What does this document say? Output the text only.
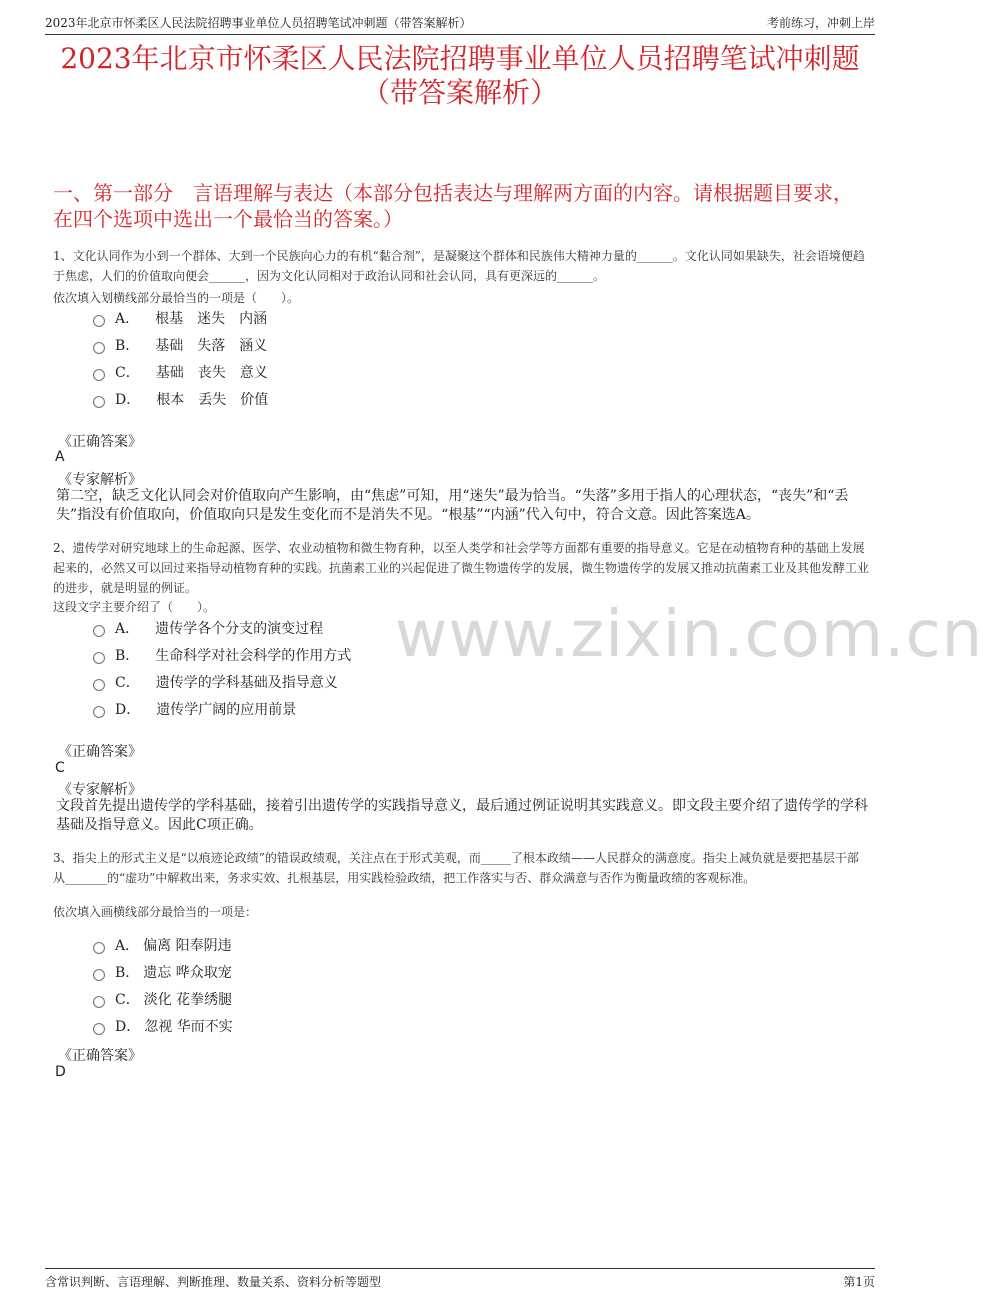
2023年北京市怀柔区人民法院招聘事业单位人员招聘笔试冲刺题（带答案解析）	考前练习，冲刺上岸
2023年北京市怀柔区人民法院招聘事业单位人员招聘笔试冲刺题（带答案解析）
一、第一部分　言语理解与表达（本部分包括表达与理解两方面的内容。请根据题目要求，在四个选项中选出一个最恰当的答案。）
1、文化认同作为小到一个群体、大到一个民族向心力的有机“黏合剂”，是凝聚这个群体和民族伟大精神力量的______。文化认同如果缺失，社会语境便趋于焦虑，人们的价值取向便会______，因为文化认同相对于政治认同和社会认同，具有更深远的______。
依次填入划横线部分最恰当的一项是（　　）。
A． 根基　迷失　内涵
B． 基础　失落　涵义
C． 基础　丧失　意义
D． 根本　丢失　价值
《正确答案》
A
《专家解析》
第二空，缺乏文化认同会对价值取向产生影响，由“焦虑”可知，用“迷失”最为恰当。“失落”多用于指人的心理状态，“丧失”和“丢失”指没有价值取向，价值取向只是发生变化而不是消失不见。“根基”“内涵”代入句中，符合文意。因此答案选A。
2、遗传学对研究地球上的生命起源、医学、农业动植物和微生物育种，以至人类学和社会学等方面都有重要的指导意义。它是在动植物育种的基础上发展起来的，必然又可以回过来指导动植物育种的实践。抗菌素工业的兴起促进了微生物遗传学的发展，微生物遗传学的发展又推动抗菌素工业及其他发酵工业的进步，就是明显的例证。
这段文字主要介绍了（　　）。
A． 遗传学各个分支的演变过程
B． 生命科学对社会科学的作用方式
C． 遗传学的学科基础及指导意义
D． 遗传学广阔的应用前景
《正确答案》
C
《专家解析》
文段首先提出遗传学的学科基础，接着引出遗传学的实践指导意义，最后通过例证说明其实践意义。即文段主要介绍了遗传学的学科基础及指导意义。因此C项正确。
3、指尖上的形式主义是“以痕迹论政绩”的错误政绩观，关注点在于形式美观，而_____了根本政绩——人民群众的满意度。指尖上减负就是要把基层干部从_______的“虚功”中解救出来，务求实效、扎根基层，用实践检验政绩，把工作落实与否、群众满意与否作为衡量政绩的客观标准。
依次填入画横线部分最恰当的一项是：
A． 偏离 阳奉阴违
B． 遗忘 哗众取宠
C． 淡化 花拳绣腿
D． 忽视 华而不实
《正确答案》
D
www.zixin.com.cn
含常识判断、言语理解、判断推理、数量关系、资料分析等题型	第1页
